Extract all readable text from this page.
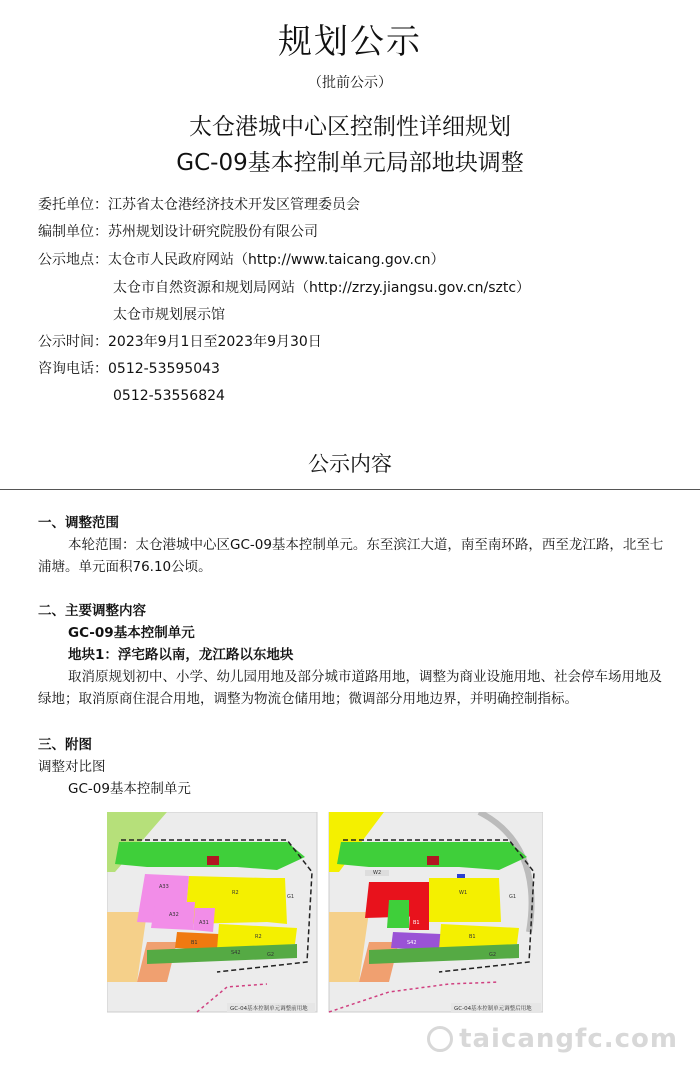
规划公示
（批前公示）
太仓港城中心区控制性详细规划
GC-09基本控制单元局部地块调整
委托单位：江苏省太仓港经济技术开发区管理委员会
编制单位：苏州规划设计研究院股份有限公司
公示地点：太仓市人民政府网站（http://www.taicang.gov.cn）
太仓市自然资源和规划局网站（http://zrzy.jiangsu.gov.cn/sztc）
太仓市规划展示馆
公示时间：2023年9月1日至2023年9月30日
咨询电话：0512-53595043
0512-53556824
公示内容
一、调整范围
本轮范围：太仓港城中心区GC-09基本控制单元。东至滨江大道，南至南环路，西至龙江路，北至七浦塘。单元面积76.10公顷。
二、主要调整内容
GC-09基本控制单元
地块1：浮宅路以南，龙江路以东地块
取消原规划初中、小学、幼儿园用地及部分城市道路用地，调整为商业设施用地、社会停车场用地及绿地；取消原商住混合用地，调整为物流仓储用地；微调部分用地边界，并明确控制指标。
三、附图
调整对比图
GC-09基本控制单元
G1
R2
A33
A32
A31
B1
R2
S42	G2
GC-04基本控制单元调整前用地
G1
W2
W1
B1
S42
B1
G2
GC-04基本控制单元调整后用地
taicangfc.com
